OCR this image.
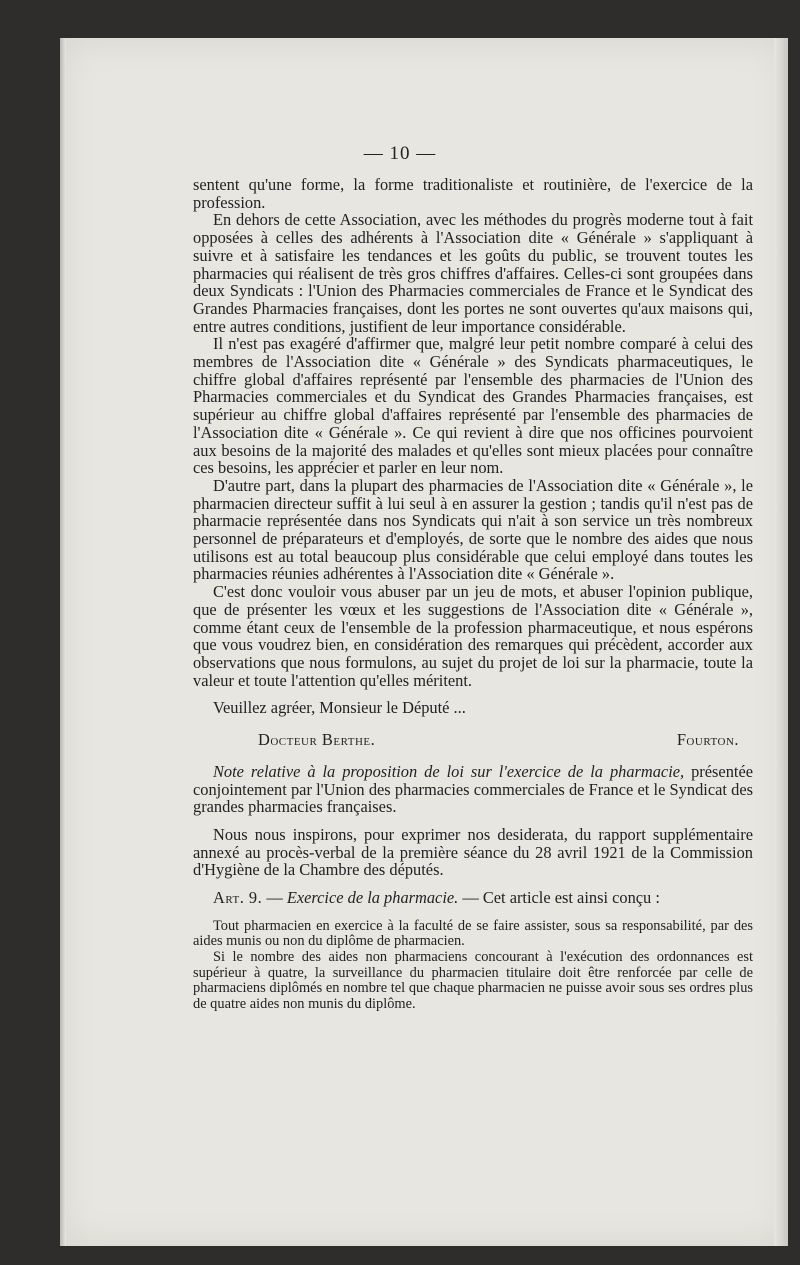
— 10 —

sentent qu'une forme, la forme traditionaliste et routinière, de l'exercice de la profession.

En dehors de cette Association, avec les méthodes du progrès moderne tout à fait opposées à celles des adhérents à l'Association dite « Générale » s'appliquant à suivre et à satisfaire les tendances et les goûts du public, se trouvent toutes les pharmacies qui réalisent de très gros chiffres d'affaires. Celles-ci sont groupées dans deux Syndicats : l'Union des Pharmacies commerciales de France et le Syndicat des Grandes Pharmacies françaises, dont les portes ne sont ouvertes qu'aux maisons qui, entre autres conditions, justifient de leur importance considérable.

Il n'est pas exagéré d'affirmer que, malgré leur petit nombre comparé à celui des membres de l'Association dite « Générale » des Syndicats pharmaceutiques, le chiffre global d'affaires représenté par l'ensemble des pharmacies de l'Union des Pharmacies commerciales et du Syndicat des Grandes Pharmacies françaises, est supérieur au chiffre global d'affaires représenté par l'ensemble des pharmacies de l'Association dite « Générale ». Ce qui revient à dire que nos officines pourvoient aux besoins de la majorité des malades et qu'elles sont mieux placées pour connaître ces besoins, les apprécier et parler en leur nom.

D'autre part, dans la plupart des pharmacies de l'Association dite « Générale », le pharmacien directeur suffit à lui seul à en assurer la gestion ; tandis qu'il n'est pas de pharmacie représentée dans nos Syndicats qui n'ait à son service un très nombreux personnel de préparateurs et d'employés, de sorte que le nombre des aides que nous utilisons est au total beaucoup plus considérable que celui employé dans toutes les pharmacies réunies adhérentes à l'Association dite « Générale ».

C'est donc vouloir vous abuser par un jeu de mots, et abuser l'opinion publique, que de présenter les vœux et les suggestions de l'Association dite « Générale », comme étant ceux de l'ensemble de la profession pharmaceutique, et nous espérons que vous voudrez bien, en considération des remarques qui précèdent, accorder aux observations que nous formulons, au sujet du projet de loi sur la pharmacie, toute la valeur et toute l'attention qu'elles méritent.

Veuillez agréer, Monsieur le Député ...

Docteur Berthe.	Fourton.

Note relative à la proposition de loi sur l'exercice de la pharmacie, présentée conjointement par l'Union des pharmacies commerciales de France et le Syndicat des grandes pharmacies françaises.

Nous nous inspirons, pour exprimer nos desiderata, du rapport supplémentaire annexé au procès-verbal de la première séance du 28 avril 1921 de la Commission d'Hygiène de la Chambre des députés.

Art. 9. — Exercice de la pharmacie. — Cet article est ainsi conçu :

Tout pharmacien en exercice à la faculté de se faire assister, sous sa responsabilité, par des aides munis ou non du diplôme de pharmacien.

Si le nombre des aides non pharmaciens concourant à l'exécution des ordonnances est supérieur à quatre, la surveillance du pharmacien titulaire doit être renforcée par celle de pharmaciens diplômés en nombre tel que chaque pharmacien ne puisse avoir sous ses ordres plus de quatre aides non munis du diplôme.
